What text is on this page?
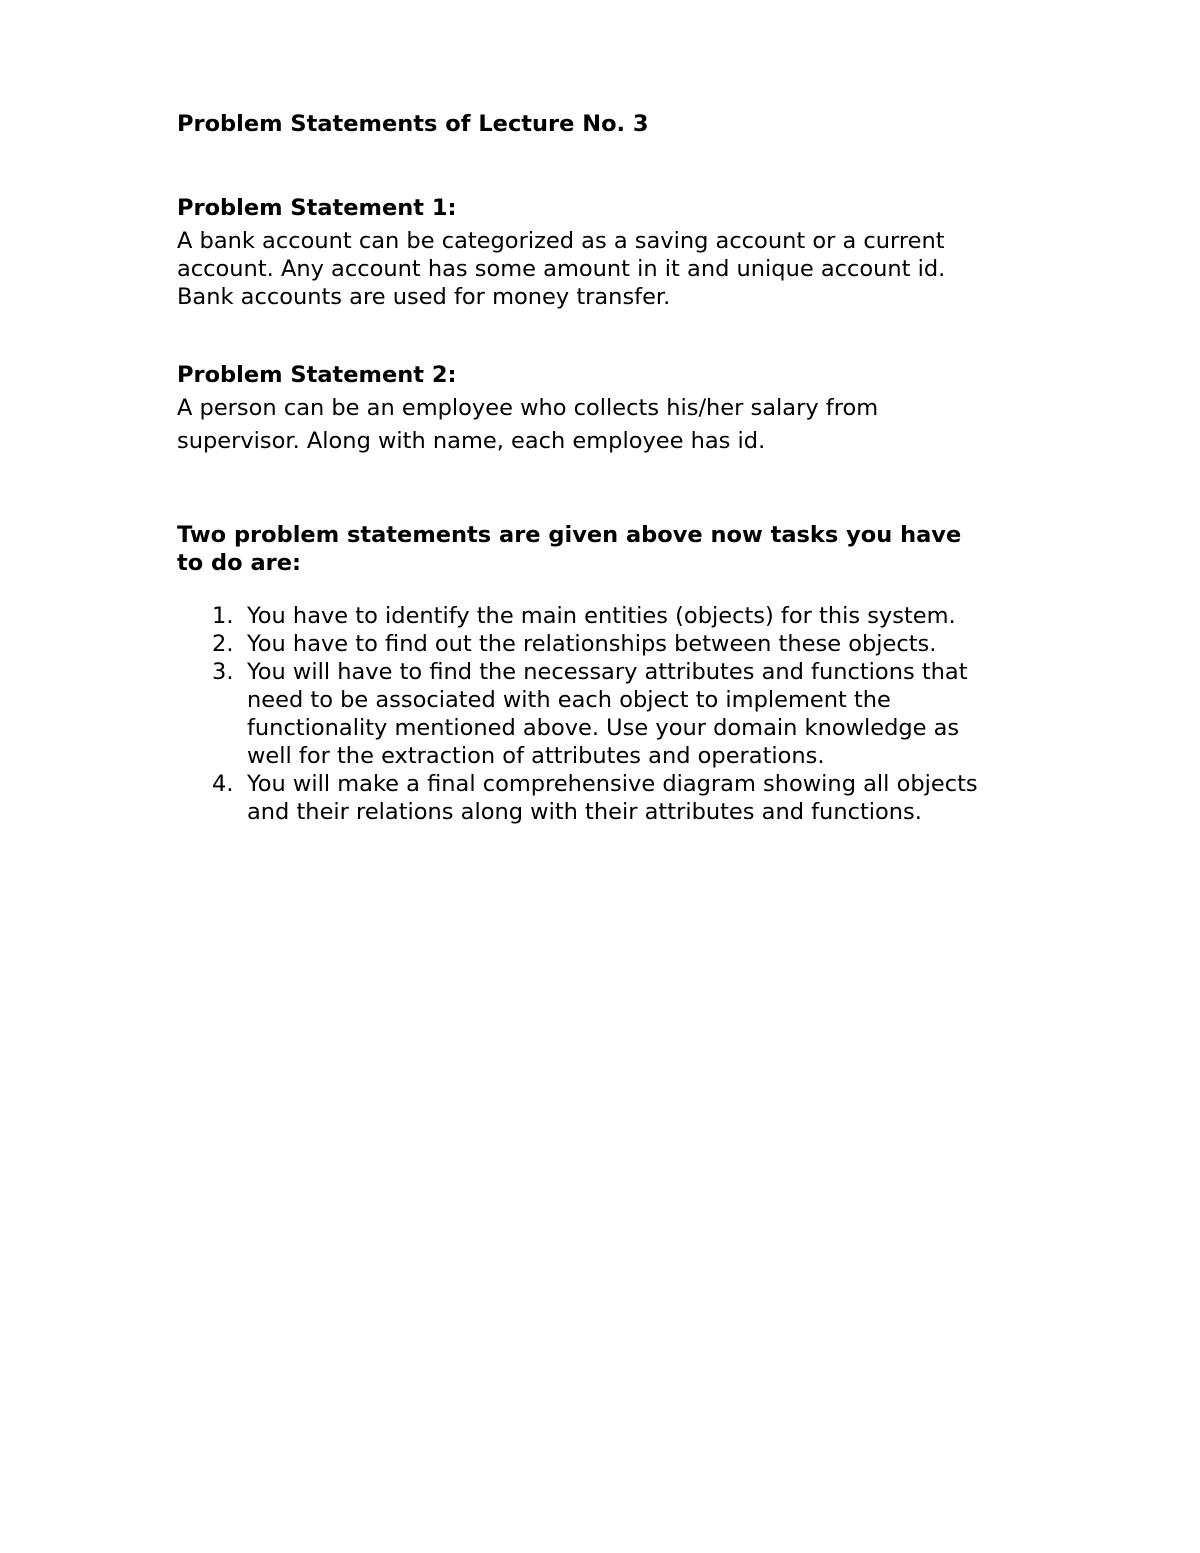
Problem Statements of Lecture No. 3

Problem Statement 1:

A bank account can be categorized as a saving account or a current
account. Any account has some amount in it and unique account id.
Bank accounts are used for money transfer.

Problem Statement 2:

A person can be an employee who collects his/her salary from
supervisor. Along with name, each employee has id.

Two problem statements are given above now tasks you have
to do are:

1. You have to identify the main entities (objects) for this system.
2. You have to find out the relationships between these objects.
3. You will have to find the necessary attributes and functions that
need to be associated with each object to implement the
functionality mentioned above. Use your domain knowledge as
well for the extraction of attributes and operations.
4. You will make a final comprehensive diagram showing all objects
and their relations along with their attributes and functions.
